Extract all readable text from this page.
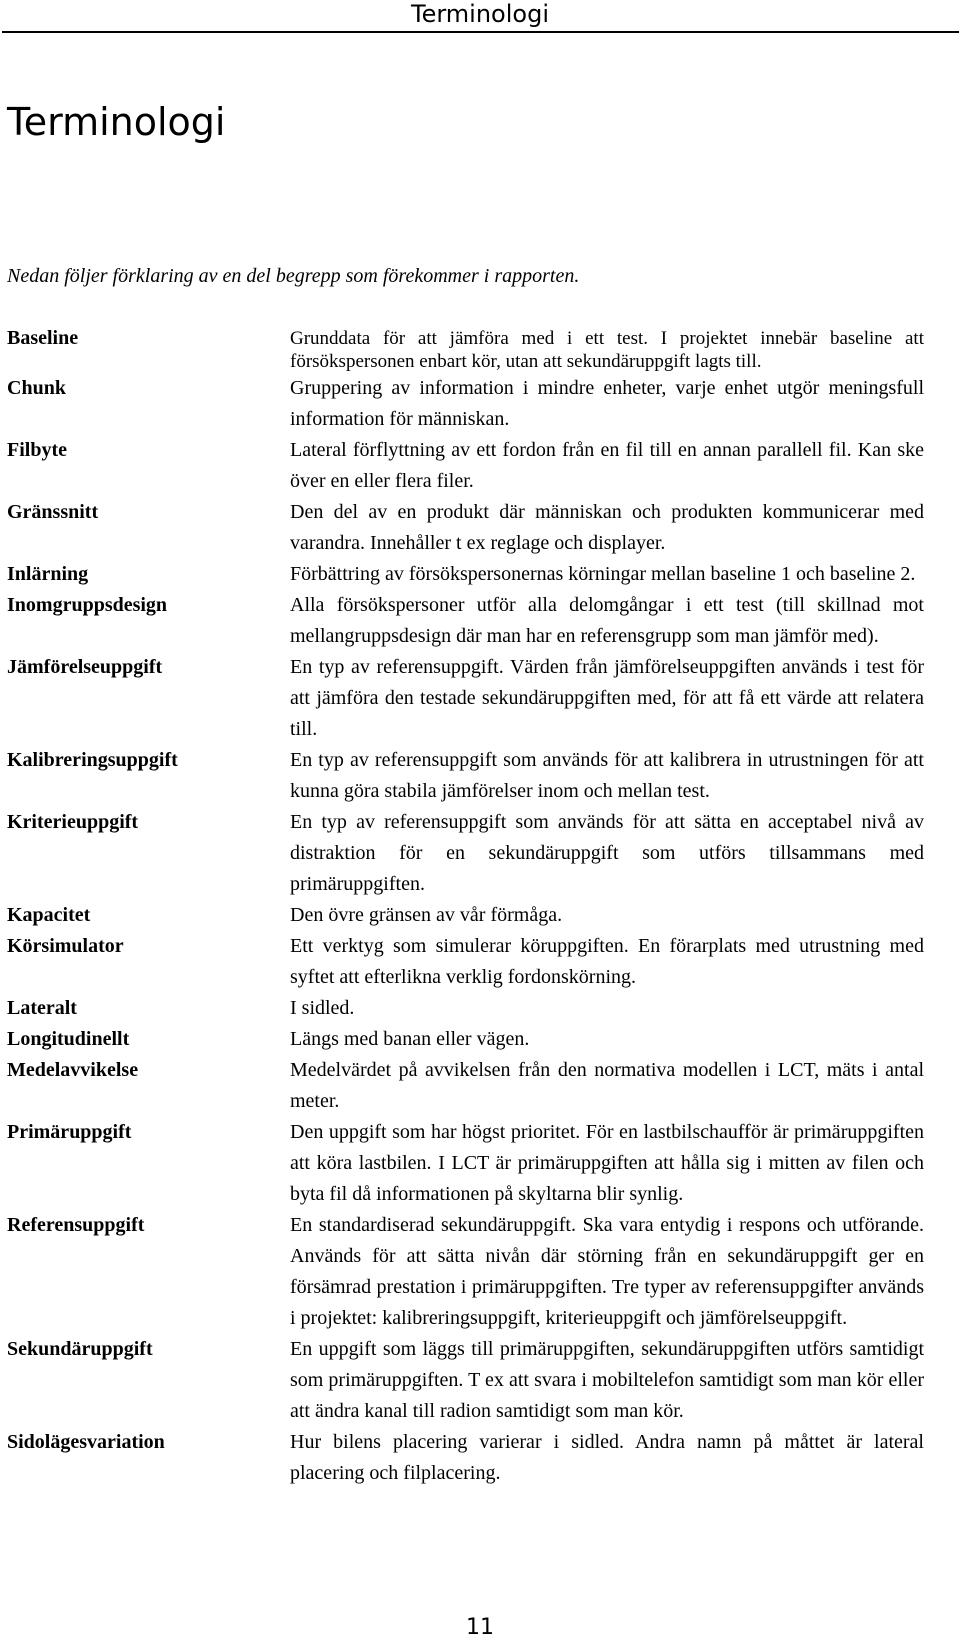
Terminologi
Terminologi
Nedan följer förklaring av en del begrepp som förekommer i rapporten.
Baseline	Grunddata för att jämföra med i ett test. I projektet innebär baseline att försökspersonen enbart kör, utan att sekundäruppgift lagts till.
Chunk	Gruppering av information i mindre enheter, varje enhet utgör meningsfull information för människan.
Filbyte	Lateral förflyttning av ett fordon från en fil till en annan parallell fil. Kan ske över en eller flera filer.
Gränssnitt	Den del av en produkt där människan och produkten kommunicerar med varandra. Innehåller t ex reglage och displayer.
Inlärning	Förbättring av försökspersonernas körningar mellan baseline 1 och baseline 2.
Inomgruppsdesign	Alla försökspersoner utför alla delomgångar i ett test (till skillnad mot mellangruppsdesign där man har en referensgrupp som man jämför med).
Jämförelseuppgift	En typ av referensuppgift. Värden från jämförelseuppgiften används i test för att jämföra den testade sekundäruppgiften med, för att få ett värde att relatera till.
Kalibreringsuppgift	En typ av referensuppgift som används för att kalibrera in utrustningen för att kunna göra stabila jämförelser inom och mellan test.
Kriterieuppgift	En typ av referensuppgift som används för att sätta en acceptabel nivå av distraktion för en sekundäruppgift som utförs tillsammans med primäruppgiften.
Kapacitet	Den övre gränsen av vår förmåga.
Körsimulator	Ett verktyg som simulerar köruppgiften. En förarplats med utrustning med syftet att efterlikna verklig fordonskörning.
Lateralt	I sidled.
Longitudinellt	Längs med banan eller vägen.
Medelavvikelse	Medelvärdet på avvikelsen från den normativa modellen i LCT, mäts i antal meter.
Primäruppgift	Den uppgift som har högst prioritet. För en lastbilschaufför är primäruppgiften att köra lastbilen. I LCT är primäruppgiften att hålla sig i mitten av filen och byta fil då informationen på skyltarna blir synlig.
Referensuppgift	En standardiserad sekundäruppgift. Ska vara entydig i respons och utförande. Används för att sätta nivån där störning från en sekundäruppgift ger en försämrad prestation i primäruppgiften. Tre typer av referensuppgifter används i projektet: kalibreringsuppgift, kriterieuppgift och jämförelseuppgift.
Sekundäruppgift	En uppgift som läggs till primäruppgiften, sekundäruppgiften utförs samtidigt som primäruppgiften. T ex att svara i mobiltelefon samtidigt som man kör eller att ändra kanal till radion samtidigt som man kör.
Sidolägesvariation	Hur bilens placering varierar i sidled. Andra namn på måttet är lateral placering och filplacering.
11
